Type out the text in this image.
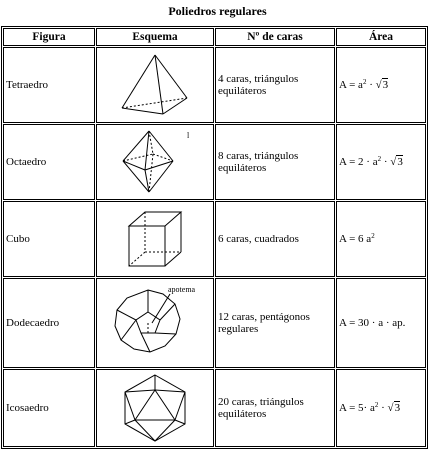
Poliedros regulares
Figura	Esquema	Nº de caras	Área
Tetraedro		4 caras, triángulos equiláteros	$A = a^2 \cdot √3$
Octaedro	l	8 caras, triángulos equiláteros	$A = 2 \cdot a^2 \cdot √3$
Cubo		6 caras, cuadrados	A = 6 $a^2$
Dodecaedro	apotema	12 caras, pentágonos regulares	A = 30 · a · ap.
Icosaedro		20 caras, triángulos equiláteros	$A = 5\cdot a^2 \cdot √3$
